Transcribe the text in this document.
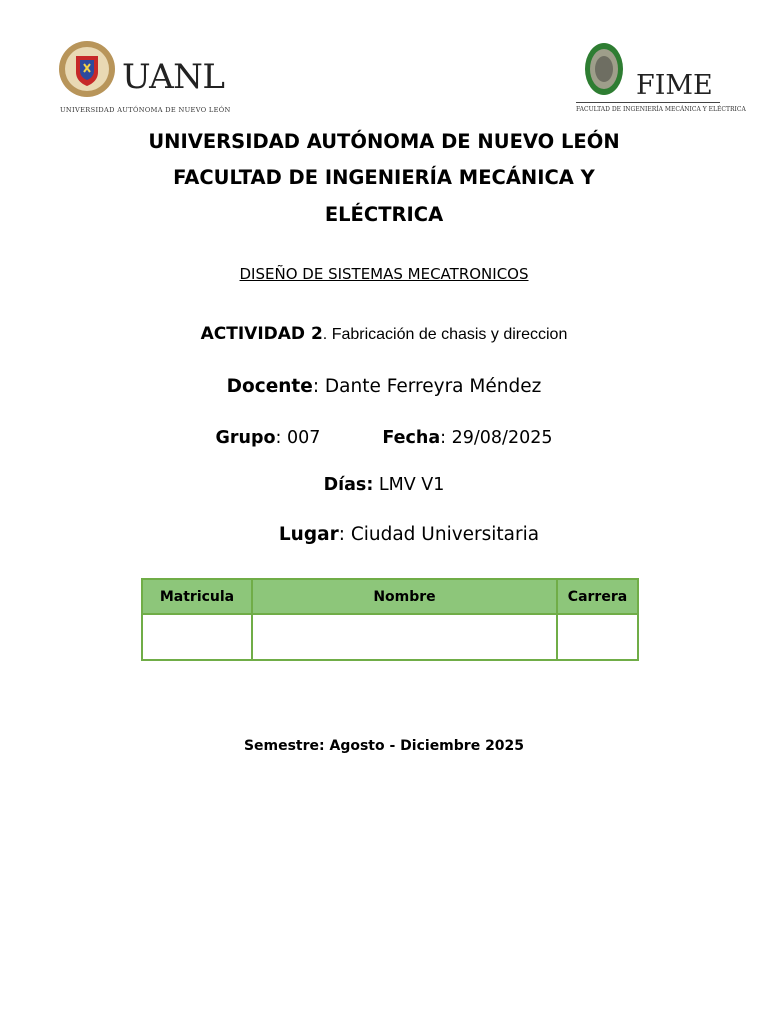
UANL
UNIVERSIDAD AUTÓNOMA DE NUEVO LEÓN
FIME
FACULTAD DE INGENIERÍA MECÁNICA Y ELÉCTRICA
UNIVERSIDAD AUTÓNOMA DE NUEVO LEÓN
FACULTAD DE INGENIERÍA MECÁNICA Y
ELÉCTRICA
DISEÑO DE SISTEMAS MECATRONICOS
ACTIVIDAD 2. Fabricación de chasis y direccion
Docente: Dante Ferreyra Méndez
Grupo: 007	Fecha: 29/08/2025
Días: LMV V1
Lugar: Ciudad Universitaria
Matricula	Nombre	Carrera

Semestre: Agosto - Diciembre 2025
